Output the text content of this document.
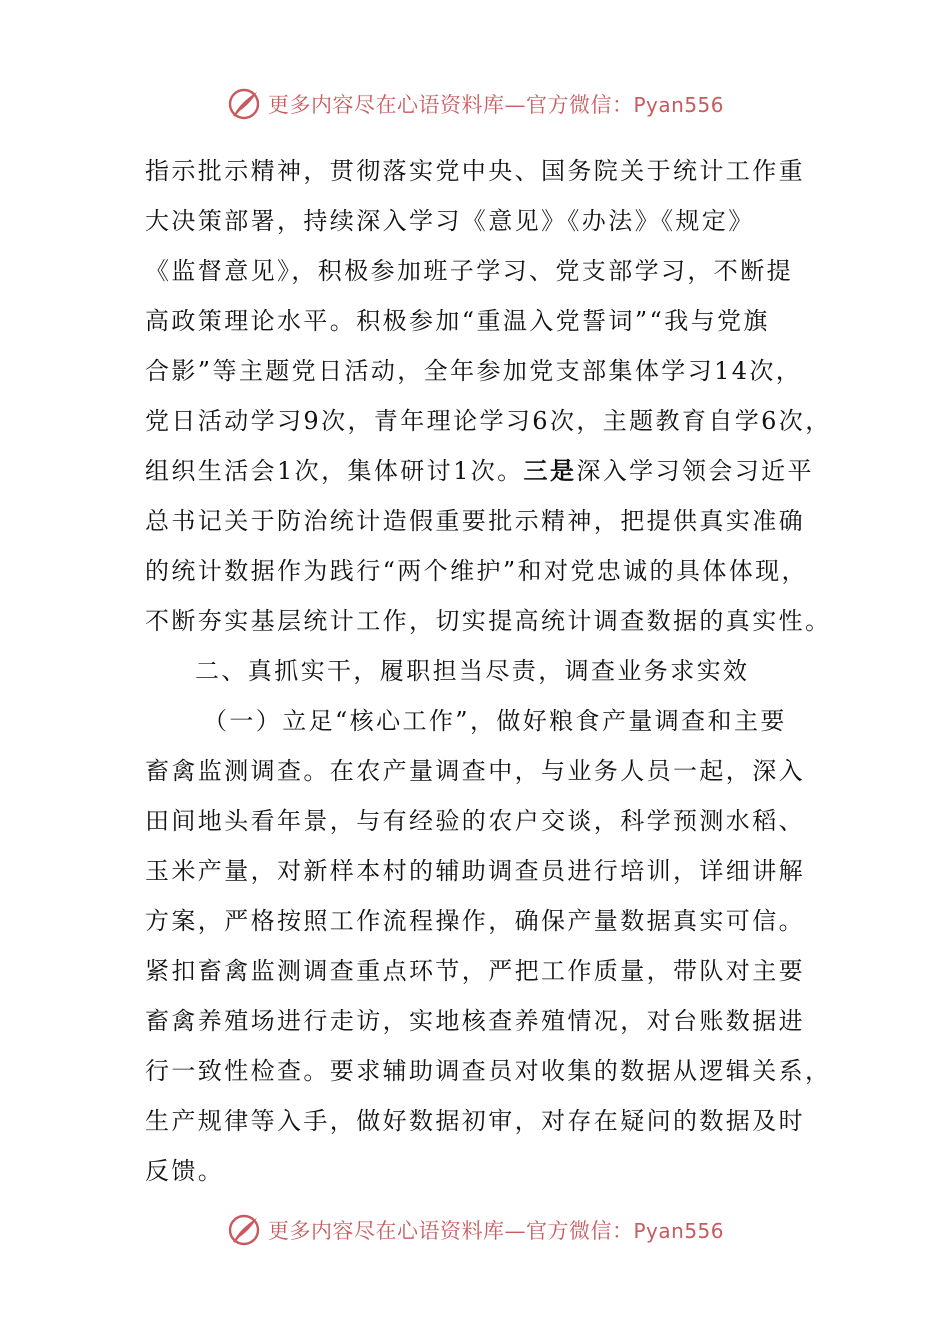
更多内容尽在心语资料库—官方微信：Pyan556
指示批示精神，贯彻落实党中央、国务院关于统计工作重
大决策部署，持续深入学习《意见》《办法》《规定》
《监督意见》，积极参加班子学习、党支部学习，不断提
高政策理论水平。积极参加“重温入党誓词”“我与党旗
合影”等主题党日活动，全年参加党支部集体学习14次，
党日活动学习9次，青年理论学习6次，主题教育自学6次，
组织生活会1次，集体研讨1次。三是深入学习领会习近平
总书记关于防治统计造假重要批示精神，把提供真实准确
的统计数据作为践行“两个维护”和对党忠诚的具体体现，
不断夯实基层统计工作，切实提高统计调查数据的真实性。
二、真抓实干，履职担当尽责，调查业务求实效
（一）立足“核心工作”，做好粮食产量调查和主要
畜禽监测调查。在农产量调查中，与业务人员一起，深入
田间地头看年景，与有经验的农户交谈，科学预测水稻、
玉米产量，对新样本村的辅助调查员进行培训，详细讲解
方案，严格按照工作流程操作，确保产量数据真实可信。
紧扣畜禽监测调查重点环节，严把工作质量，带队对主要
畜禽养殖场进行走访，实地核查养殖情况，对台账数据进
行一致性检查。要求辅助调查员对收集的数据从逻辑关系，
生产规律等入手，做好数据初审，对存在疑问的数据及时
反馈。
更多内容尽在心语资料库—官方微信：Pyan556
